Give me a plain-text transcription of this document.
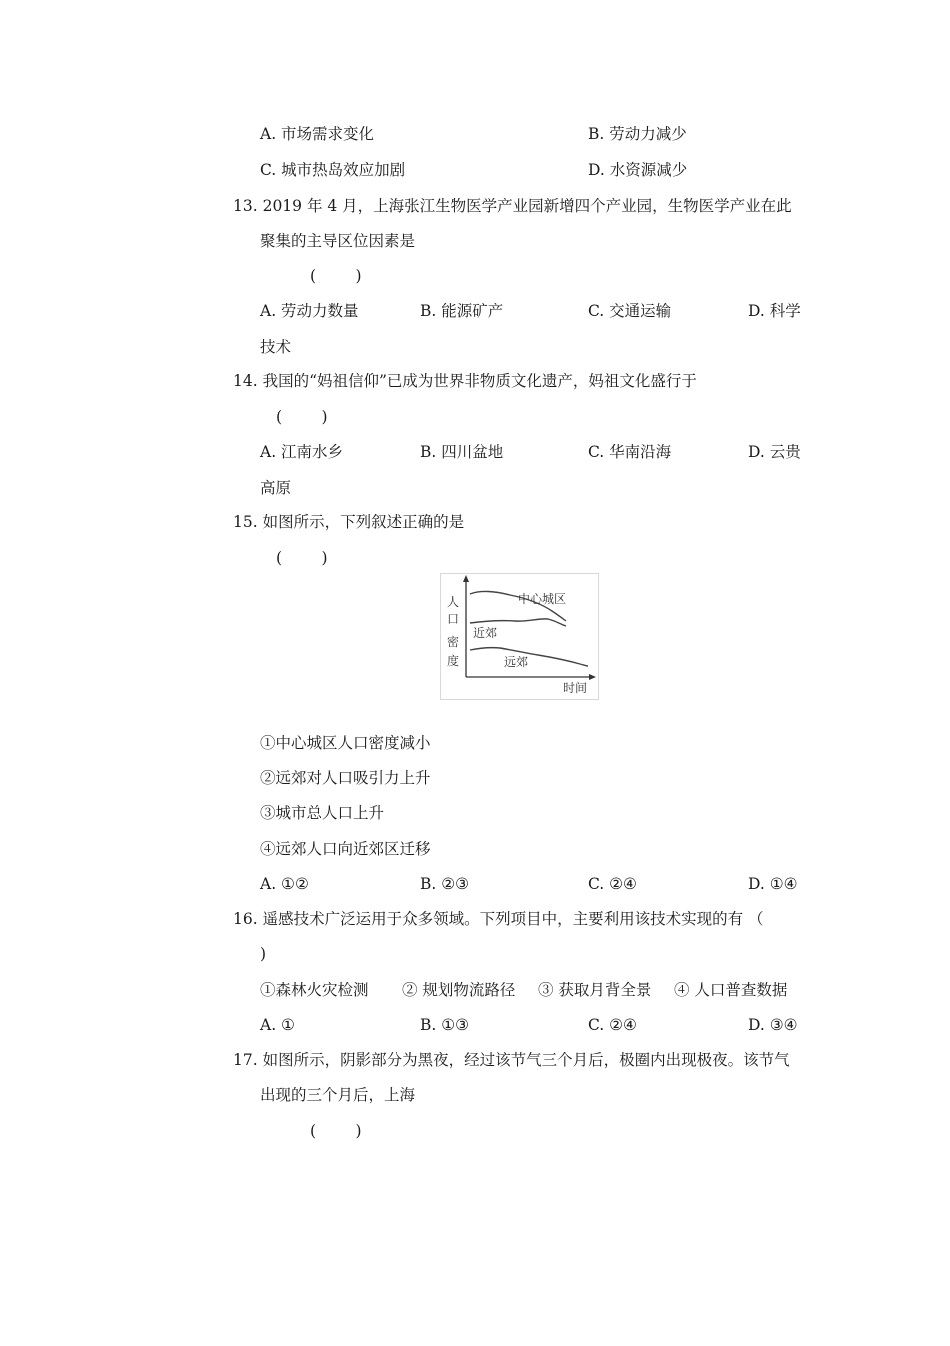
A. 市场需求变化	B. 劳动力减少
C. 城市热岛效应加剧	D. 水资源减少
13. 2019 年 4 月，上海张江生物医学产业园新增四个产业园，生物医学产业在此
聚集的主导区位因素是
(        )
A. 劳动力数量	B. 能源矿产	C. 交通运输	D. 科学
技术
14. 我国的“妈祖信仰”已成为世界非物质文化遗产，妈祖文化盛行于
(        )
A. 江南水乡	B. 四川盆地	C. 华南沿海	D. 云贵
高原
15. 如图所示，下列叙述正确的是
(        )
人
口
密
度
时间
中心城区
近郊
远郊
①中心城区人口密度减小
②远郊对人口吸引力上升
③城市总人口上升
④远郊人口向近郊区迁移
A. ①②	B. ②③	C. ②④	D. ①④
16. 遥感技术广泛运用于众多领域。下列项目中，主要利用该技术实现的有 （
)
①森林火灾检测 ② 规划物流路径 ③ 获取月背全景 ④ 人口普查数据
A. ①	B. ①③	C. ②④	D. ③④
17. 如图所示，阴影部分为黑夜，经过该节气三个月后，极圈内出现极夜。该节气
出现的三个月后，上海
(        )
